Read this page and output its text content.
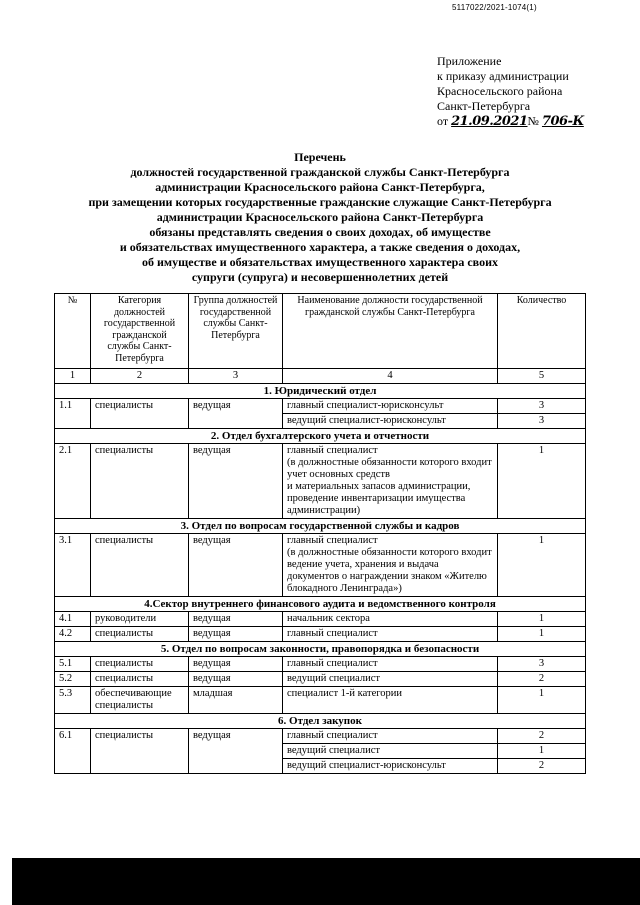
5117022/2021-1074(1)
Приложение
к приказу администрации
Красносельского района
Санкт-Петербурга
от 21.09.2021№ 706-К
Перечень
должностей государственной гражданской службы Санкт-Петербурга
администрации Красносельского района Санкт-Петербурга,
при замещении которых государственные гражданские служащие Санкт-Петербурга
администрации Красносельского района Санкт-Петербурга
обязаны представлять сведения о своих доходах, об имуществе
и обязательствах имущественного характера, а также сведения о доходах,
об имуществе и обязательствах имущественного характера своих
супруги (супруга) и несовершеннолетних детей
№	Категория должностей государственной гражданской службы Санкт-Петербурга	Группа должностей государственной службы Санкт-Петербурга	Наименование должности государственной гражданской службы Санкт-Петербурга	Количество
1	2	3	4	5
1. Юридический отдел				
1.1	специалисты	ведущая	главный специалист-юрисконсульт	3
			ведущий специалист-юрисконсульт	3
2. Отдел бухгалтерского учета и отчетности				
2.1	специалисты	ведущая	главный специалист
(в должностные обязанности которого входит учет основных средств
и материальных запасов администрации, проведение инвентаризации имущества администрации)	1
3. Отдел по вопросам государственной службы и кадров				
3.1	специалисты	ведущая	главный специалист
(в должностные обязанности которого входит ведение учета, хранения и выдача документов о награждении знаком «Жителю блокадного Ленинграда»)	1
4.Сектор внутреннего финансового аудита и ведомственного контроля				
4.1	руководители	ведущая	начальник сектора	1
4.2	специалисты	ведущая	главный специалист	1
5. Отдел по вопросам законности, правопорядка и безопасности				
5.1	специалисты	ведущая	главный специалист	3
5.2	специалисты	ведущая	ведущий специалист	2
5.3	обеспечивающие специалисты	младшая	специалист 1-й категории	1
6. Отдел закупок				
6.1	специалисты	ведущая	главный специалист	2
			ведущий специалист	1
			ведущий специалист-юрисконсульт	2
